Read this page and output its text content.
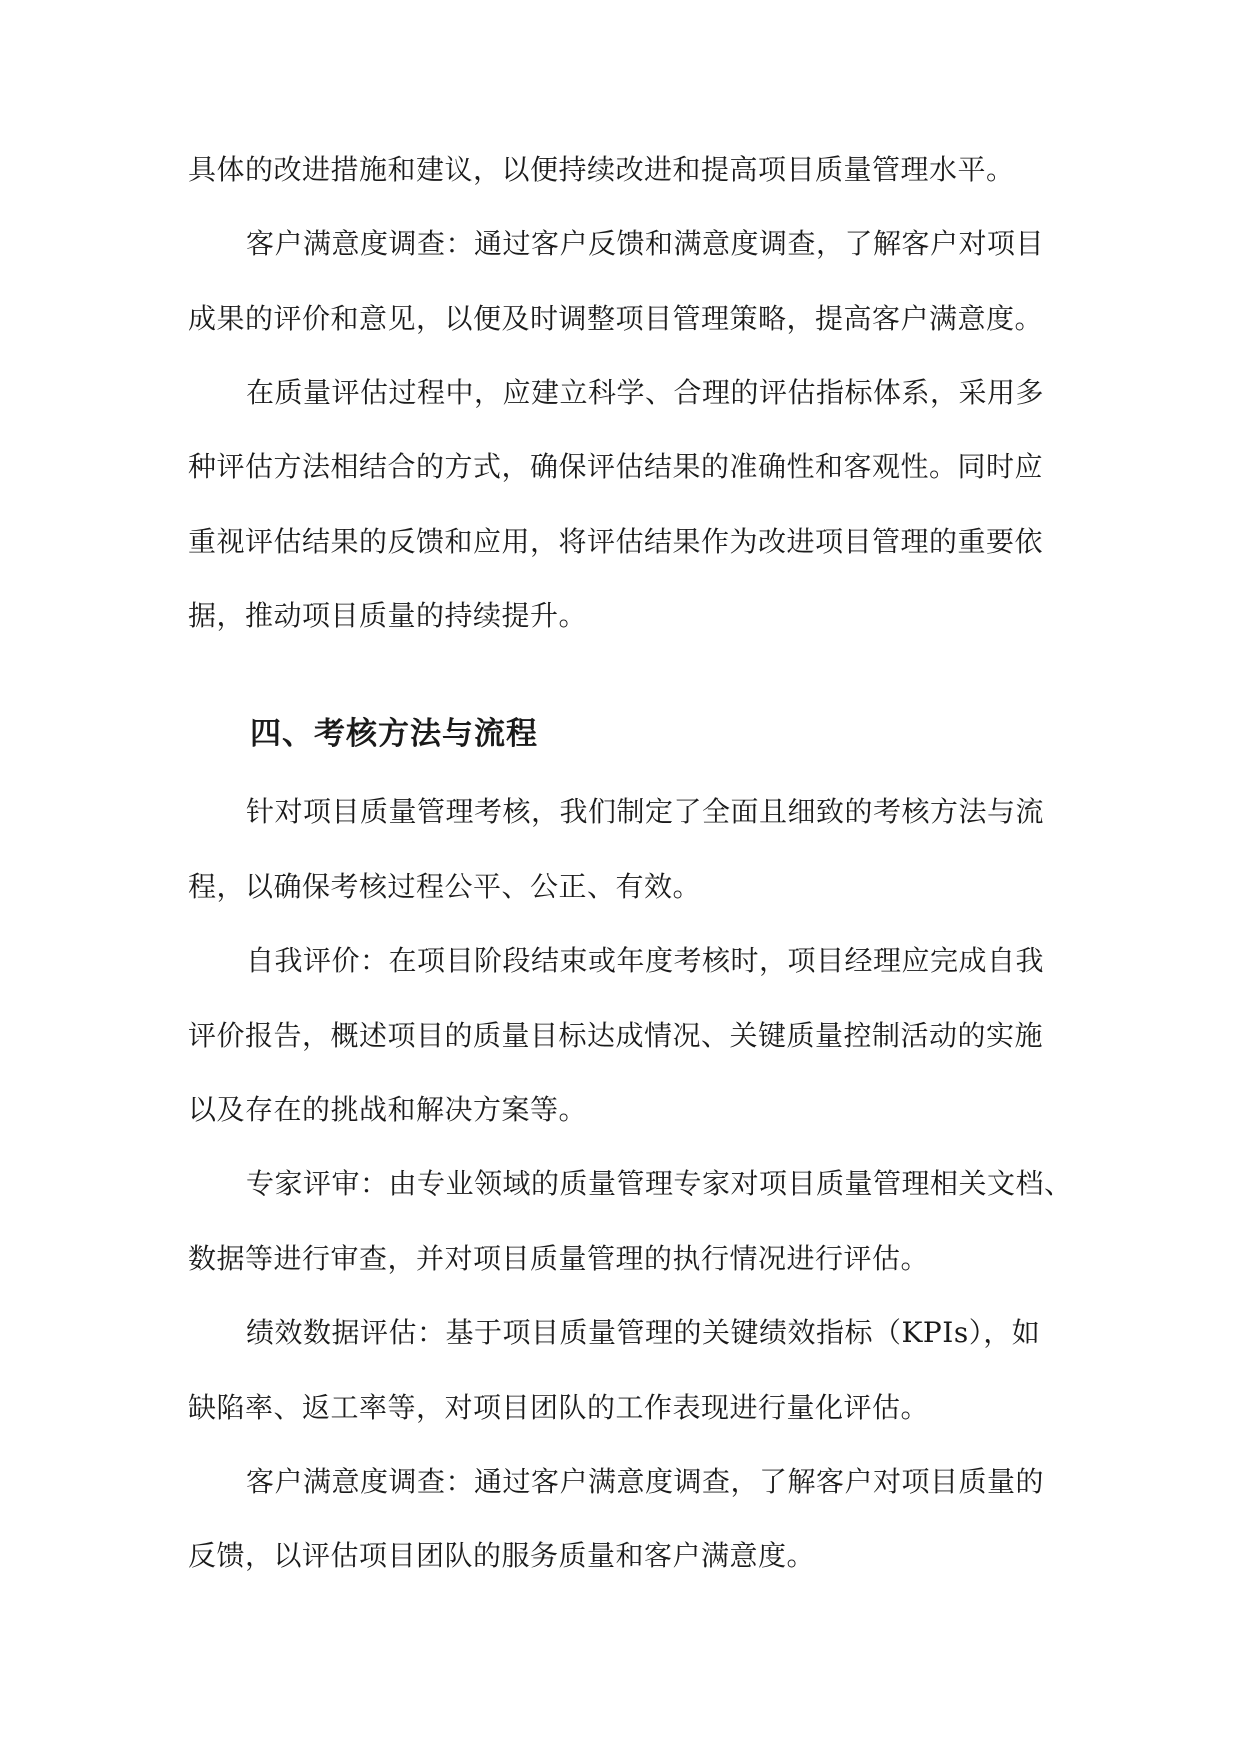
具体的改进措施和建议，以便持续改进和提高项目质量管理水平。
客户满意度调查：通过客户反馈和满意度调查，了解客户对项目
成果的评价和意见，以便及时调整项目管理策略，提高客户满意度。
在质量评估过程中，应建立科学、合理的评估指标体系，采用多
种评估方法相结合的方式，确保评估结果的准确性和客观性。同时应
重视评估结果的反馈和应用，将评估结果作为改进项目管理的重要依
据，推动项目质量的持续提升。
四、考核方法与流程
针对项目质量管理考核，我们制定了全面且细致的考核方法与流
程，以确保考核过程公平、公正、有效。
自我评价：在项目阶段结束或年度考核时，项目经理应完成自我
评价报告，概述项目的质量目标达成情况、关键质量控制活动的实施
以及存在的挑战和解决方案等。
专家评审：由专业领域的质量管理专家对项目质量管理相关文档、
数据等进行审查，并对项目质量管理的执行情况进行评估。
绩效数据评估：基于项目质量管理的关键绩效指标（KPIs），如
缺陷率、返工率等，对项目团队的工作表现进行量化评估。
客户满意度调查：通过客户满意度调查，了解客户对项目质量的
反馈，以评估项目团队的服务质量和客户满意度。
